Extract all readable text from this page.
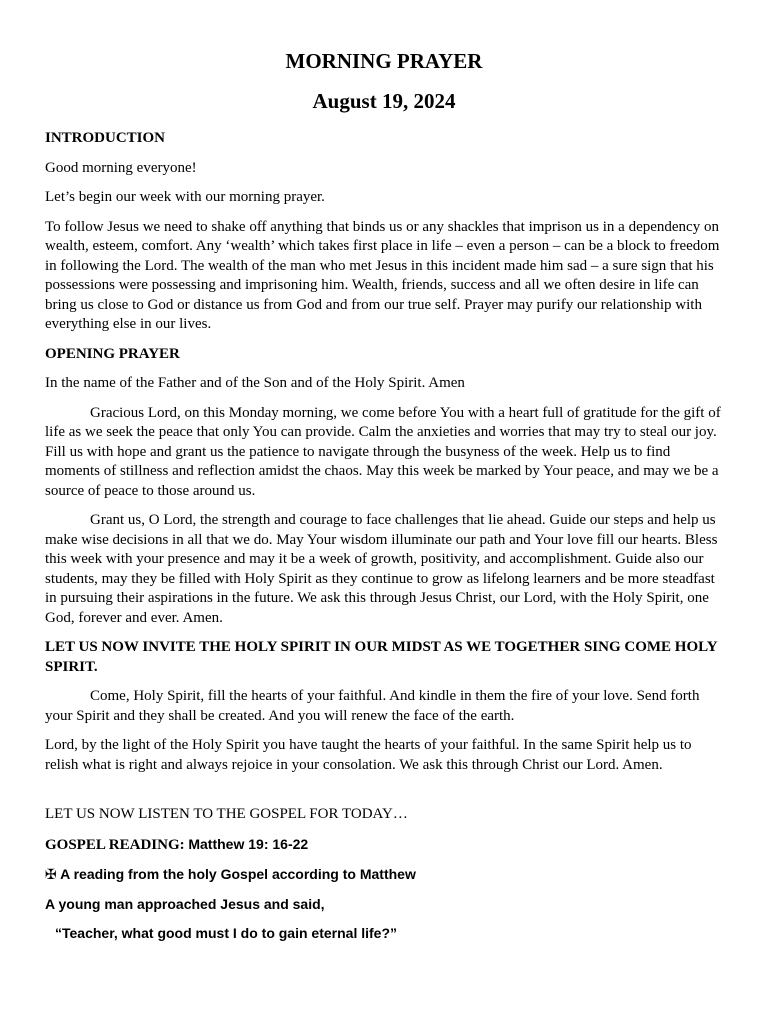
MORNING PRAYER
August 19, 2024

INTRODUCTION

Good morning everyone!

Let’s begin our week with our morning prayer.

To follow Jesus we need to shake off anything that binds us or any shackles that imprison us in a dependency on wealth, esteem, comfort. Any ‘wealth’ which takes first place in life – even a person – can be a block to freedom in following the Lord. The wealth of the man who met Jesus in this incident made him sad – a sure sign that his possessions were possessing and imprisoning him. Wealth, friends, success and all we often desire in life can bring us close to God or distance us from God and from our true self. Prayer may purify our relationship with everything else in our lives.

OPENING PRAYER

In the name of the Father and of the Son and of the Holy Spirit. Amen

Gracious Lord, on this Monday morning, we come before You with a heart full of gratitude for the gift of life as we seek the peace that only You can provide. Calm the anxieties and worries that may try to steal our joy. Fill us with hope and grant us the patience to navigate through the busyness of the week. Help us to find moments of stillness and reflection amidst the chaos. May this week be marked by Your peace, and may we be a source of peace to those around us.

Grant us, O Lord, the strength and courage to face challenges that lie ahead. Guide our steps and help us make wise decisions in all that we do. May Your wisdom illuminate our path and Your love fill our hearts. Bless this week with your presence and may it be a week of growth, positivity, and accomplishment. Guide also our students, may they be filled with Holy Spirit as they continue to grow as lifelong learners and be more steadfast in pursuing their aspirations in the future. We ask this through Jesus Christ, our Lord, with the Holy Spirit, one God, forever and ever. Amen.

LET US NOW INVITE THE HOLY SPIRIT IN OUR MIDST AS WE TOGETHER SING COME HOLY SPIRIT.

Come, Holy Spirit, fill the hearts of your faithful. And kindle in them the fire of your love. Send forth your Spirit and they shall be created. And you will renew the face of the earth.

Lord, by the light of the Holy Spirit you have taught the hearts of your faithful. In the same Spirit help us to relish what is right and always rejoice in your consolation. We ask this through Christ our Lord. Amen.

LET US NOW LISTEN TO THE GOSPEL FOR TODAY…

GOSPEL READING: Matthew 19: 16-22

✠ A reading from the holy Gospel according to Matthew

A young man approached Jesus and said,

“Teacher, what good must I do to gain eternal life?”
